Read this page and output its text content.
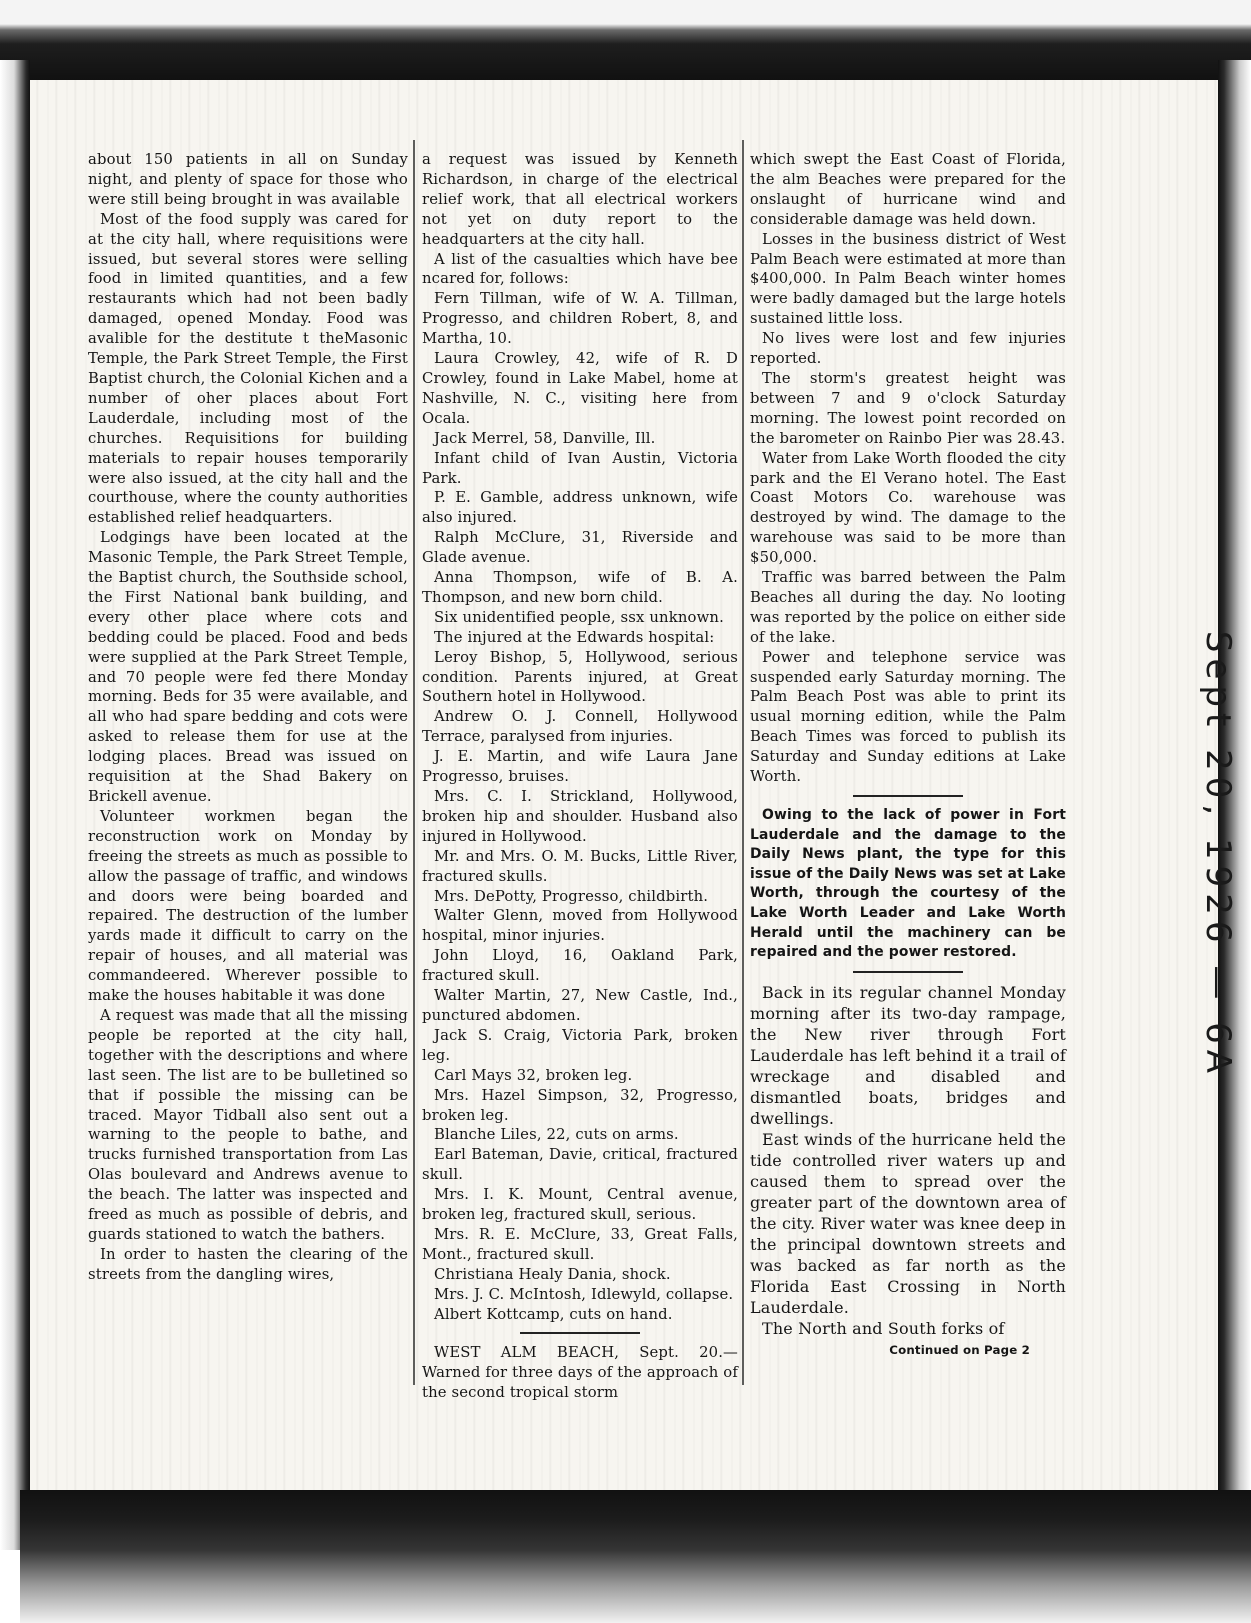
about 150 patients in all on Sunday night, and plenty of space for those who were still being brought in was available

Most of the food supply was cared for at the city hall, where requisitions were issued, but several stores were selling food in limited quantities, and a few restaurants which had not been badly damaged, opened Monday. Food was avalible for the destitute t theMasonic Temple, the Park Street Temple, the First Baptist church, the Colonial Kichen and a number of oher places about Fort Lauderdale, including most of the churches. Requisitions for building materials to repair houses temporarily were also issued, at the city hall and the courthouse, where the county authorities established relief headquarters.

Lodgings have been located at the Masonic Temple, the Park Street Temple, the Baptist church, the Southside school, the First National bank building, and every other place where cots and bedding could be placed. Food and beds were supplied at the Park Street Temple, and 70 people were fed there Monday morning. Beds for 35 were available, and all who had spare bedding and cots were asked to release them for use at the lodging places. Bread was issued on requisition at the Shad Bakery on Brickell avenue.

Volunteer workmen began the reconstruction work on Monday by freeing the streets as much as possible to allow the passage of traffic, and windows and doors were being boarded and repaired. The destruction of the lumber yards made it difficult to carry on the repair of houses, and all material was commandeered. Wherever possible to make the houses habitable it was done

A request was made that all the missing people be reported at the city hall, together with the descriptions and where last seen. The list are to be bulletined so that if possible the missing can be traced. Mayor Tidball also sent out a warning to the people to bathe, and trucks furnished transportation from Las Olas boulevard and Andrews avenue to the beach. The latter was inspected and freed as much as possible of debris, and guards stationed to watch the bathers.

In order to hasten the clearing of the streets from the dangling wires,

a request was issued by Kenneth Richardson, in charge of the electrical relief work, that all electrical workers not yet on duty report to the headquarters at the city hall.

A list of the casualties which have bee ncared for, follows:

Fern Tillman, wife of W. A. Tillman, Progresso, and children Robert, 8, and Martha, 10.

Laura Crowley, 42, wife of R. D Crowley, found in Lake Mabel, home at Nashville, N. C., visiting here from Ocala.

Jack Merrel, 58, Danville, Ill.

Infant child of Ivan Austin, Victoria Park.

P. E. Gamble, address unknown, wife also injured.

Ralph McClure, 31, Riverside and Glade avenue.

Anna Thompson, wife of B. A. Thompson, and new born child.

Six unidentified people, ssx unknown.

The injured at the Edwards hospital:

Leroy Bishop, 5, Hollywood, serious condition. Parents injured, at Great Southern hotel in Hollywood.

Andrew O. J. Connell, Hollywood Terrace, paralysed from injuries.

J. E. Martin, and wife Laura Jane Progresso, bruises.

Mrs. C. I. Strickland, Hollywood, broken hip and shoulder. Husband also injured in Hollywood.

Mr. and Mrs. O. M. Bucks, Little River, fractured skulls.

Mrs. DePotty, Progresso, childbirth.

Walter Glenn, moved from Hollywood hospital, minor injuries.

John Lloyd, 16, Oakland Park, fractured skull.

Walter Martin, 27, New Castle, Ind., punctured abdomen.

Jack S. Craig, Victoria Park, broken leg.

Carl Mays 32, broken leg.

Mrs. Hazel Simpson, 32, Progresso, broken leg.

Blanche Liles, 22, cuts on arms.

Earl Bateman, Davie, critical, fractured skull.

Mrs. I. K. Mount, Central avenue, broken leg, fractured skull, serious.

Mrs. R. E. McClure, 33, Great Falls, Mont., fractured skull.

Christiana Healy Dania, shock.

Mrs. J. C. McIntosh, Idlewyld, collapse.

Albert Kottcamp, cuts on hand.

WEST ALM BEACH, Sept. 20.— Warned for three days of the approach of the second tropical storm

which swept the East Coast of Florida, the alm Beaches were prepared for the onslaught of hurricane wind and considerable damage was held down.

Losses in the business district of West Palm Beach were estimated at more than $400,000. In Palm Beach winter homes were badly damaged but the large hotels sustained little loss.

No lives were lost and few injuries reported.

The storm's greatest height was between 7 and 9 o'clock Saturday morning. The lowest point recorded on the barometer on Rainbo Pier was 28.43.

Water from Lake Worth flooded the city park and the El Verano hotel. The East Coast Motors Co. warehouse was destroyed by wind. The damage to the warehouse was said to be more than $50,000.

Traffic was barred between the Palm Beaches all during the day. No looting was reported by the police on either side of the lake.

Power and telephone service was suspended early Saturday morning. The Palm Beach Post was able to print its usual morning edition, while the Palm Beach Times was forced to publish its Saturday and Sunday editions at Lake Worth.

Owing to the lack of power in Fort Lauderdale and the damage to the Daily News plant, the type for this issue of the Daily News was set at Lake Worth, through the courtesy of the Lake Worth Leader and Lake Worth Herald until the machinery can be repaired and the power restored.

Back in its regular channel Monday morning after its two-day rampage, the New river through Fort Lauderdale has left behind it a trail of wreckage and disabled and dismantled boats, bridges and dwellings.

East winds of the hurricane held the tide controlled river waters up and caused them to spread over the greater part of the downtown area of the city. River water was knee deep in the principal downtown streets and was backed as far north as the Florida East Crossing in North Lauderdale.

The North and South forks of

Continued on Page 2
Sept 20, 1926 — 6A
